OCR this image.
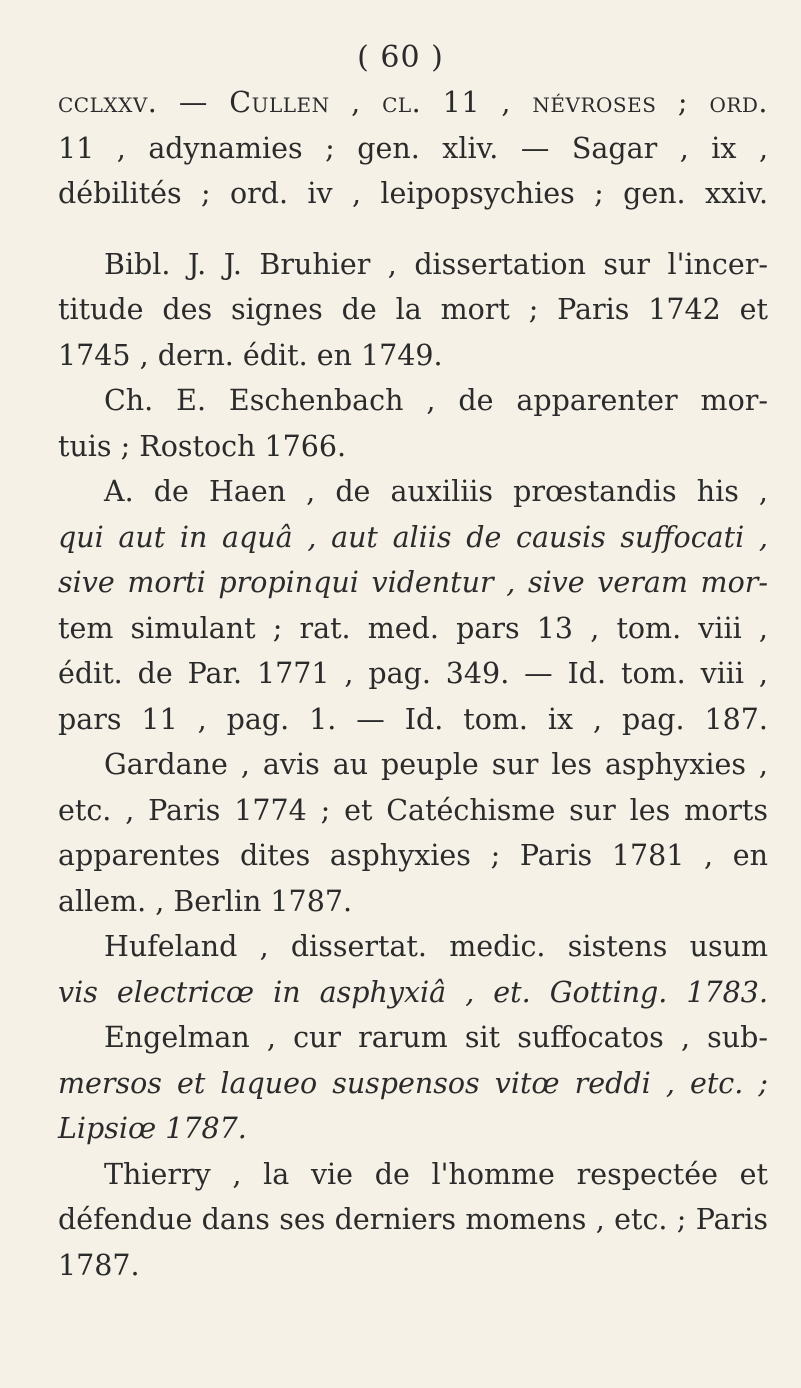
( 60 )
cclxxv. — Cullen , cl. 11 , névroses ; ord.
11 , adynamies ; gen. xliv. — Sagar , ix ,
débilités ; ord. iv , leipopsychies ; gen. xxiv.
Bibl. J. J. Bruhier , dissertation sur l'incer-
titude des signes de la mort ; Paris 1742 et
1745 , dern. édit. en 1749.
Ch. E. Eschenbach , de apparenter mor-
tuis ; Rostoch 1766.
A. de Haen , de auxiliis prœstandis his ,
qui aut in aquâ , aut aliis de causis suffocati ,
sive morti propinqui videntur , sive veram mor-
tem simulant ; rat. med. pars 13 , tom. viii ,
édit. de Par. 1771 , pag. 349. — Id. tom. viii ,
pars 11 , pag. 1. — Id. tom. ix , pag. 187.
Gardane , avis au peuple sur les asphyxies ,
etc. , Paris 1774 ; et Catéchisme sur les morts
apparentes dites asphyxies ; Paris 1781 , en
allem. , Berlin 1787.
Hufeland , dissertat. medic. sistens usum
vis electricœ in asphyxiâ , et. Gotting. 1783.
Engelman , cur rarum sit suffocatos , sub-
mersos et laqueo suspensos vitœ reddi , etc. ;
Lipsiœ 1787.
Thierry , la vie de l'homme respectée et
défendue dans ses derniers momens , etc. ; Paris
1787.
